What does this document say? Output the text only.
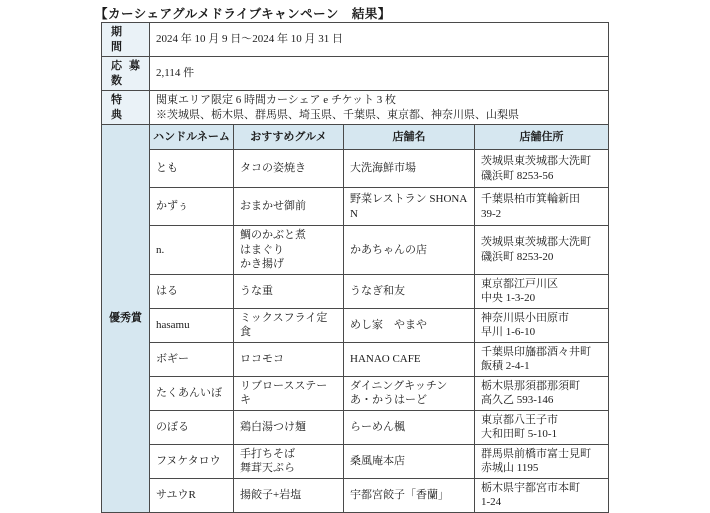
【カーシェアグルメドライブキャンペーン　結果】
期　間	2024 年 10 月 9 日～2024 年 10 月 31 日			

応募数	2,114 件			

特　典	関東エリア限定 6 時間カーシェア e チケット 3 枚
※茨城県、栃木県、群馬県、埼玉県、千葉県、東京都、神奈川県、山梨県			

優秀賞	ハンドルネーム	おすすめグルメ	店舗名	店舗住所
	とも	タコの姿焼き	大洗海鮮市場	茨城県東茨城郡大洗町
磯浜町 8253-56

	かずぅ	おまかせ御前	野菜レストラン SHONAN	千葉県柏市箕輪新田
39-2

	n.	鯛のかぶと煮
はまぐり
かき揚げ	かあちゃんの店	茨城県東茨城郡大洗町
磯浜町 8253-20

	はる	うな重	うなぎ和友	東京都江戸川区
中央 1-3-20

	hasamu	ミックスフライ定食	めし家　やまや	神奈川県小田原市
早川 1-6-10

	ボギー	ロコモコ	HANAO CAFE	千葉県印旛郡酒々井町
飯積 2-4-1

	たくあんいぼ	リブロースステーキ	ダイニングキッチン
あ・かうはーど	栃木県那須郡那須町
高久乙 593-146

	のぼる	鶏白湯つけ麺	らーめん楓	東京都八王子市
大和田町 5-10-1

	フヌケタロウ	手打ちそば
舞茸天ぷら	桑風庵本店	群馬県前橋市富士見町
赤城山 1195

	サユウR	揚餃子+岩塩	宇都宮餃子「香蘭」	栃木県宇都宮市本町
1-24
